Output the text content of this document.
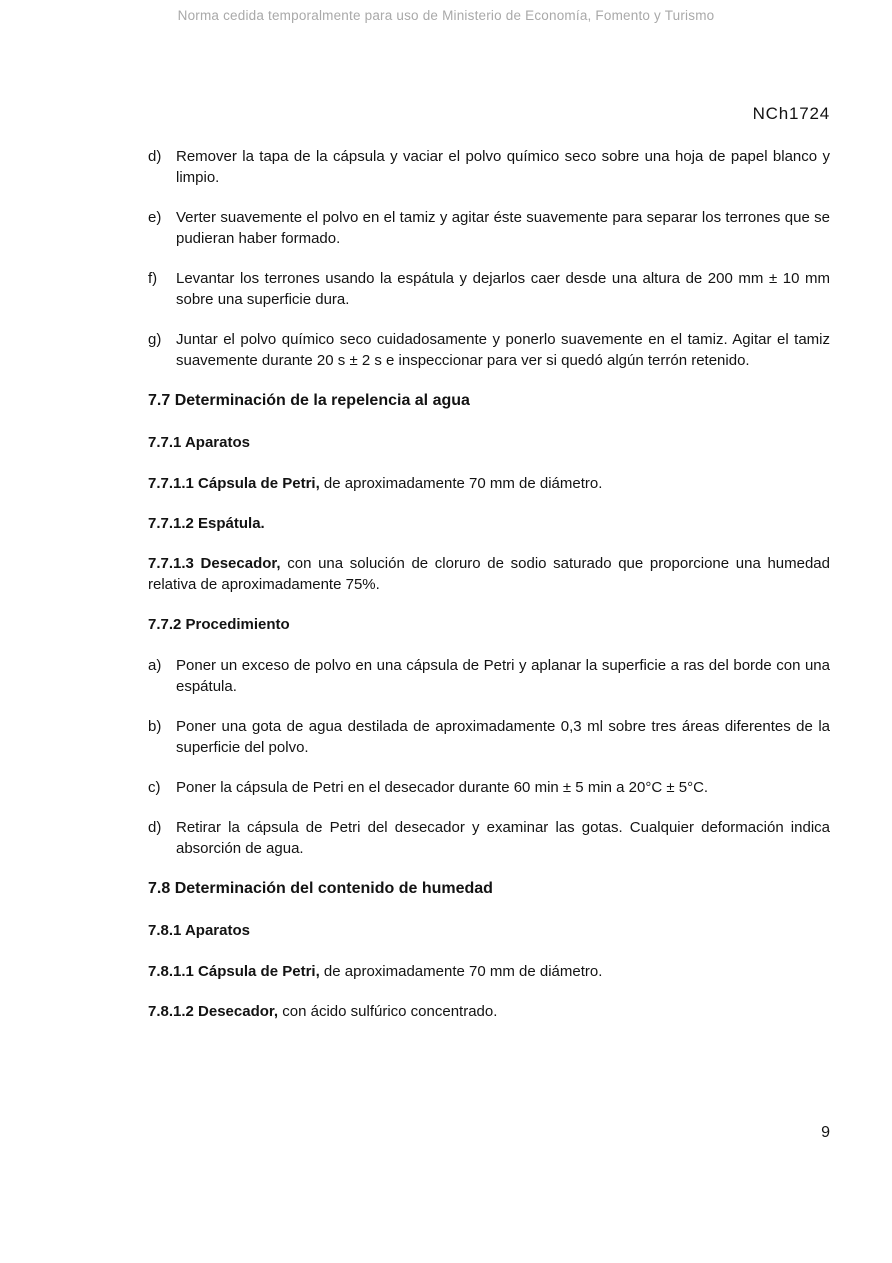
Norma cedida temporalmente para uso de Ministerio de Economía, Fomento y Turismo
NCh1724
d) Remover la tapa de la cápsula y vaciar el polvo químico seco sobre una hoja de papel blanco y limpio.
e) Verter suavemente el polvo en el tamiz y agitar éste suavemente para separar los terrones que se pudieran haber formado.
f)	Levantar los terrones usando la espátula y dejarlos caer desde una altura de 200 mm ± 10 mm sobre una superficie dura.
g) Juntar el polvo químico seco cuidadosamente y ponerlo suavemente en el tamiz. Agitar el tamiz suavemente durante 20 s ± 2 s e inspeccionar para ver si quedó algún terrón retenido.
7.7 Determinación de la repelencia al agua
7.7.1 Aparatos

7.7.1.1 Cápsula de Petri, de aproximadamente 70 mm de diámetro.

7.7.1.2 Espátula.

7.7.1.3 Desecador, con una solución de cloruro de sodio saturado que proporcione una humedad relativa de aproximadamente 75%.

7.7.2 Procedimiento
a) Poner un exceso de polvo en una cápsula de Petri y aplanar la superficie a ras del borde con una espátula.
b) Poner una gota de agua destilada de aproximadamente 0,3 ml sobre tres áreas diferentes de la superficie del polvo.
c)	Poner la cápsula de Petri en el desecador durante 60 min ± 5 min a 20°C ± 5°C.
d) Retirar la cápsula de Petri del desecador y examinar las gotas. Cualquier deformación indica absorción de agua.
7.8 Determinación del contenido de humedad
7.8.1 Aparatos

7.8.1.1 Cápsula de Petri, de aproximadamente 70 mm de diámetro.

7.8.1.2 Desecador, con ácido sulfúrico concentrado.

9
